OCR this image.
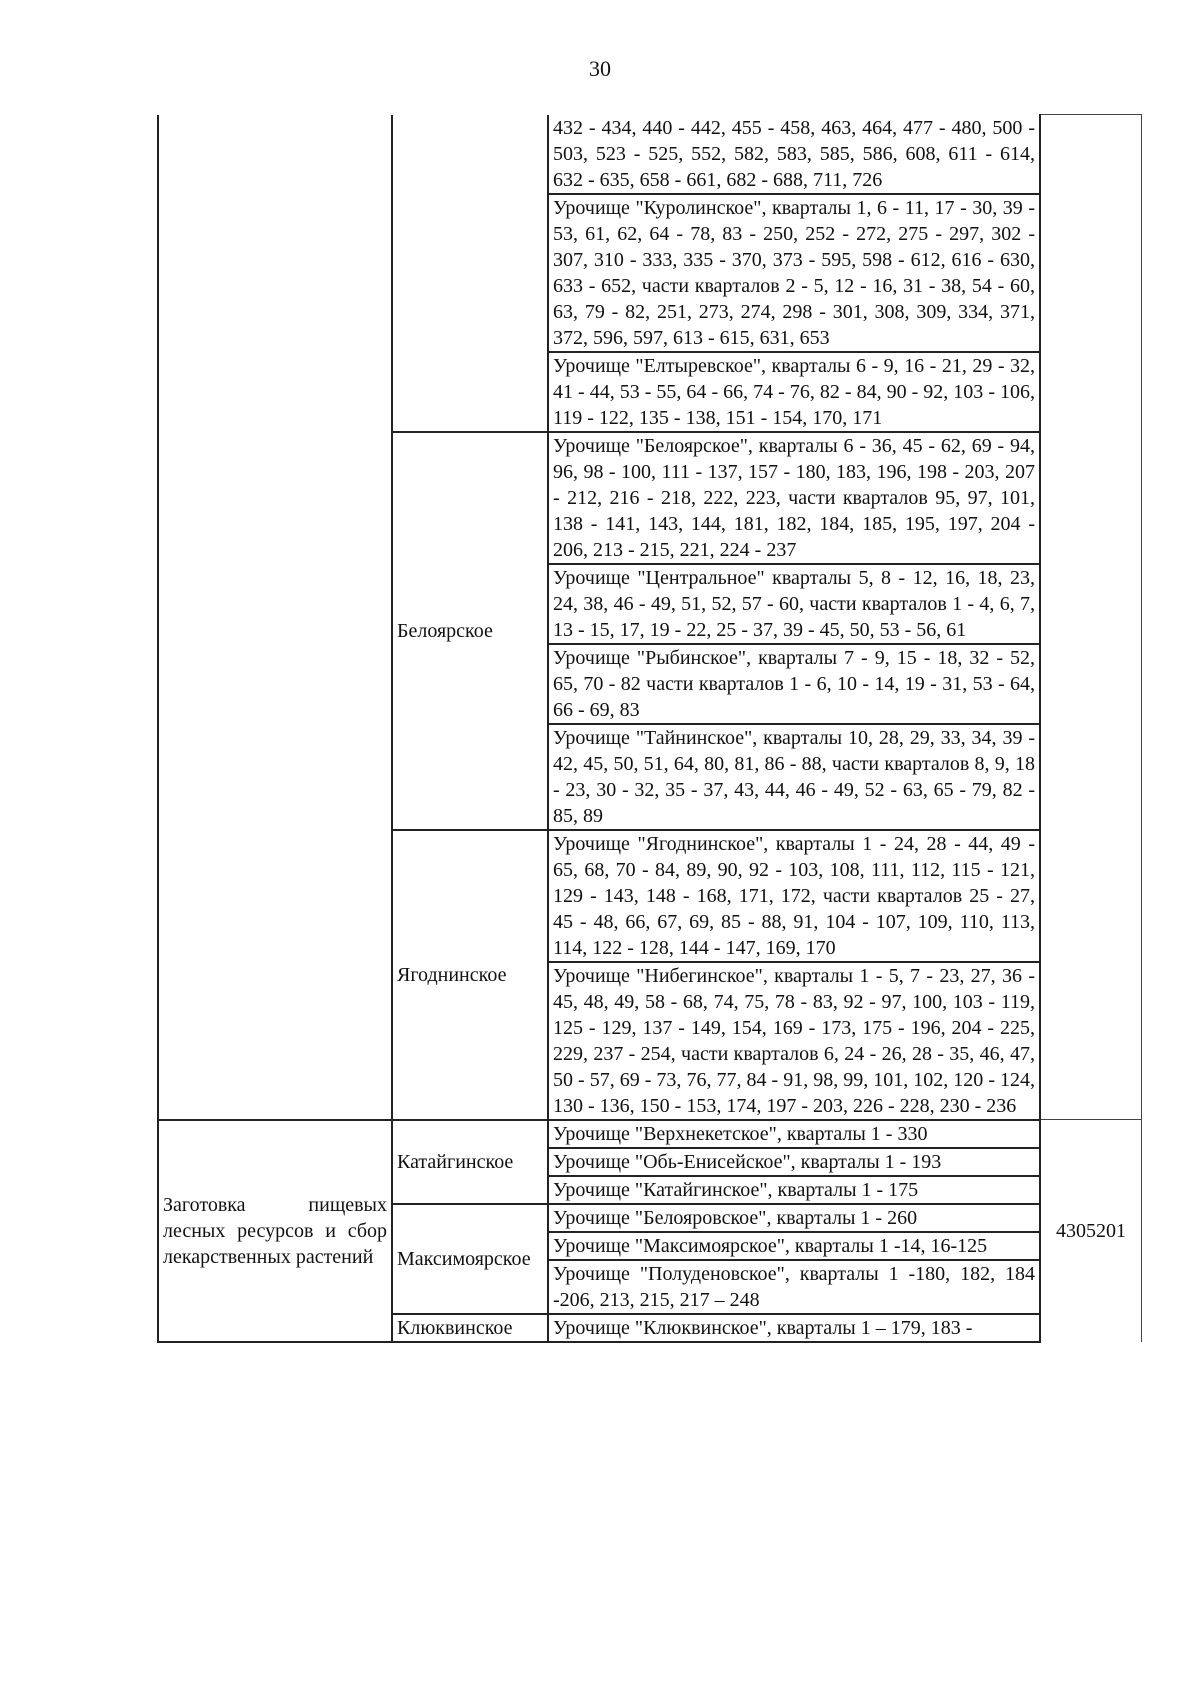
30
		432 - 434, 440 - 442, 455 - 458, 463, 464, 477 - 480, 500 - 503, 523 - 525, 552, 582, 583, 585, 586, 608, 611 - 614, 632 - 635, 658 - 661, 682 - 688, 711, 726	
		Урочище "Куролинское", кварталы 1, 6 - 11, 17 - 30, 39 - 53, 61, 62, 64 - 78, 83 - 250, 252 - 272, 275 - 297, 302 - 307, 310 - 333, 335 - 370, 373 - 595, 598 - 612, 616 - 630, 633 - 652, части кварталов 2 - 5, 12 - 16, 31 - 38, 54 - 60, 63, 79 - 82, 251, 273, 274, 298 - 301, 308, 309, 334, 371, 372, 596, 597, 613 - 615, 631, 653	
		Урочище "Елтыревское", кварталы 6 - 9, 16 - 21, 29 - 32, 41 - 44, 53 - 55, 64 - 66, 74 - 76, 82 - 84, 90 - 92, 103 - 106, 119 - 122, 135 - 138, 151 - 154, 170, 171	
	Белоярское	Урочище "Белоярское", кварталы 6 - 36, 45 - 62, 69 - 94, 96, 98 - 100, 111 - 137, 157 - 180, 183, 196, 198 - 203, 207 - 212, 216 - 218, 222, 223, части кварталов 95, 97, 101, 138 - 141, 143, 144, 181, 182, 184, 185, 195, 197, 204 - 206, 213 - 215, 221, 224 - 237	
		Урочище "Центральное" кварталы 5, 8 - 12, 16, 18, 23, 24, 38, 46 - 49, 51, 52, 57 - 60, части кварталов 1 - 4, 6, 7, 13 - 15, 17, 19 - 22, 25 - 37, 39 - 45, 50, 53 - 56, 61	
		Урочище "Рыбинское", кварталы 7 - 9, 15 - 18, 32 - 52, 65, 70 - 82 части кварталов 1 - 6, 10 - 14, 19 - 31, 53 - 64, 66 - 69, 83	
		Урочище "Тайнинское", кварталы 10, 28, 29, 33, 34, 39 - 42, 45, 50, 51, 64, 80, 81, 86 - 88, части кварталов 8, 9, 18 - 23, 30 - 32, 35 - 37, 43, 44, 46 - 49, 52 - 63, 65 - 79, 82 - 85, 89	
	Ягоднинское	Урочище "Ягоднинское", кварталы 1 - 24, 28 - 44, 49 - 65, 68, 70 - 84, 89, 90, 92 - 103, 108, 111, 112, 115 - 121, 129 - 143, 148 - 168, 171, 172, части кварталов 25 - 27, 45 - 48, 66, 67, 69, 85 - 88, 91, 104 - 107, 109, 110, 113, 114, 122 - 128, 144 - 147, 169, 170	
		Урочище "Нибегинское", кварталы 1 - 5, 7 - 23, 27, 36 - 45, 48, 49, 58 - 68, 74, 75, 78 - 83, 92 - 97, 100, 103 - 119, 125 - 129, 137 - 149, 154, 169 - 173, 175 - 196, 204 - 225, 229, 237 - 254, части кварталов 6, 24 - 26, 28 - 35, 46, 47, 50 - 57, 69 - 73, 76, 77, 84 - 91, 98, 99, 101, 102, 120 - 124, 130 - 136, 150 - 153, 174, 197 - 203, 226 - 228, 230 - 236	
Заготовка пищевых лесных ресурсов и сбор лекарственных растений	Катайгинское	Урочище "Верхнекетское", кварталы 1 - 330	4305201
		Урочище "Обь-Енисейское", кварталы 1 - 193	
		Урочище "Катайгинское", кварталы 1 - 175	
	Максимоярское	Урочище "Белояровское", кварталы 1 - 260	
		Урочище "Максимоярское", кварталы 1 -14, 16-125	
		Урочище "Полуденовское", кварталы 1 -180, 182, 184 -206, 213, 215, 217 – 248	
	Клюквинское	Урочище "Клюквинское", кварталы 1 – 179, 183 -	
